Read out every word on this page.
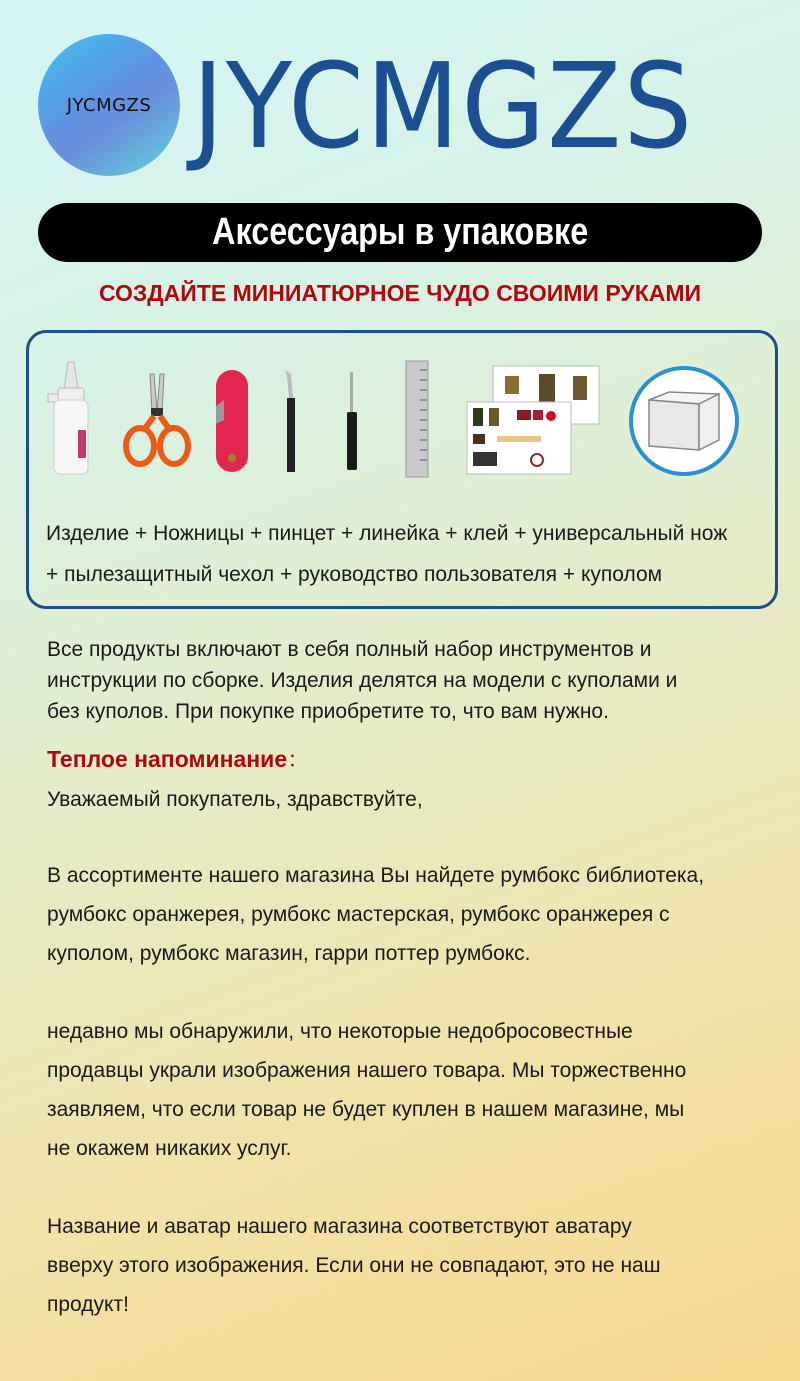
JYCMGZS JYCMGZS
Аксессуары в упаковке
СОЗДАЙТЕ МИНИАТЮРНОЕ ЧУДО СВОИМИ РУКАМИ
Изделие + Ножницы + пинцет + линейка + клей + универсальный нож
+ пылезащитный чехол + руководство пользователя + куполом
Все продукты включают в себя полный набор инструментов и
инструкции по сборке. Изделия делятся на модели с куполами и
без куполов. При покупке приобретите то, что вам нужно.
Теплое напоминание：
Уважаемый покупатель, здравствуйте,
В ассортименте нашего магазина Вы найдете румбокс библиотека,
румбокс оранжерея, румбокс мастерская, румбокс оранжерея с
куполом, румбокс магазин, гарри поттер румбокс.
недавно мы обнаружили, что некоторые недобросовестные
продавцы украли изображения нашего товара. Мы торжественно
заявляем, что если товар не будет куплен в нашем магазине, мы
не окажем никаких услуг.
Название и аватар нашего магазина соответствуют аватару
вверху этого изображения. Если они не совпадают, это не наш
продукт!
